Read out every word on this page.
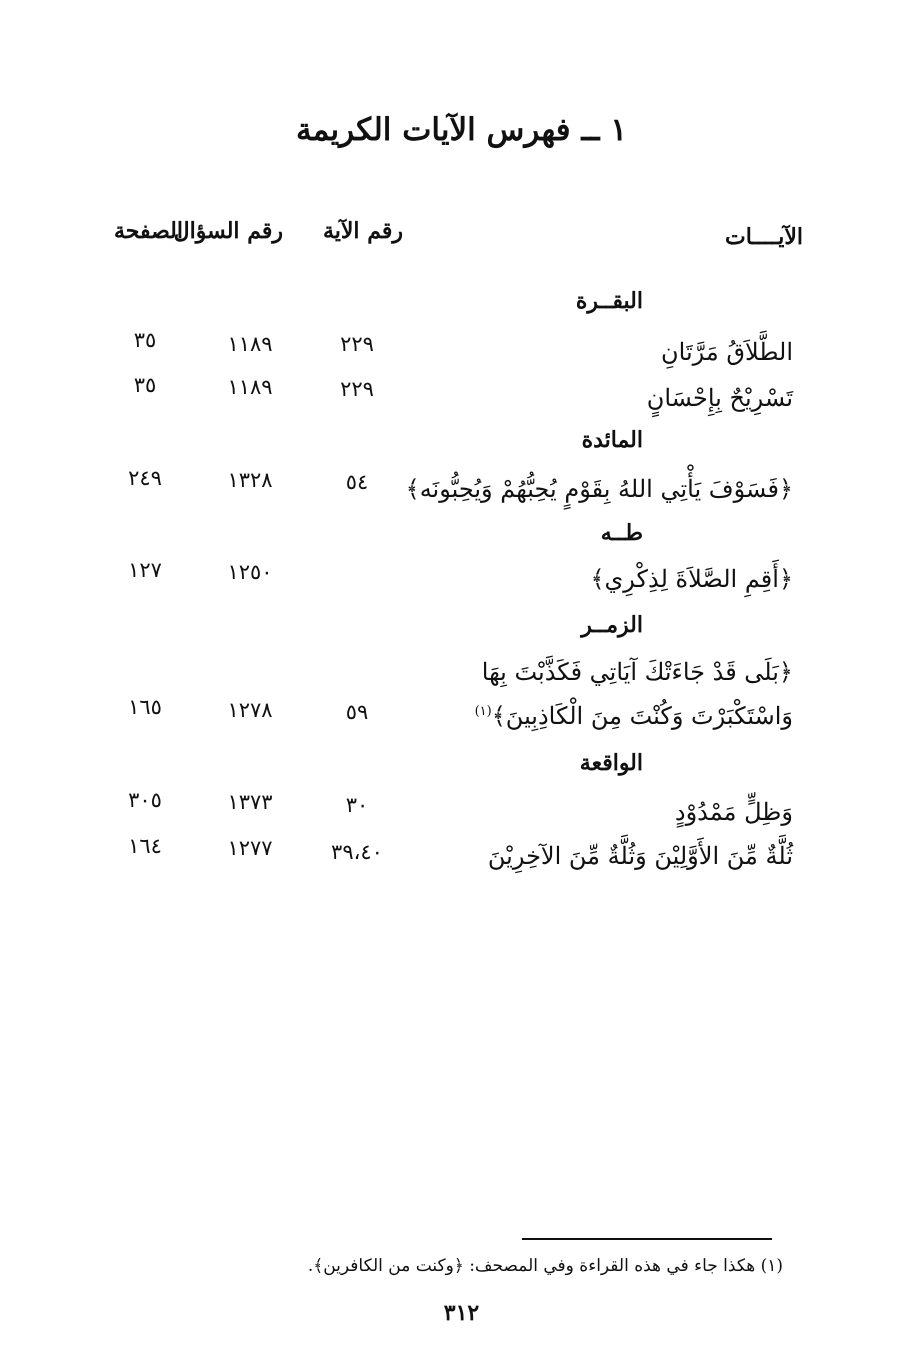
١ ــ فهرس الآيات الكريمة
الآيــــات
رقم الآية
رقم السؤال
الصفحة
البقــرة
الطَّلاَقُ مَرَّتَانِ
٢٢٩
١١٨٩
٣٥
تَسْرِيْحٌ بِإِحْسَانٍ
٢٢٩
١١٨٩
٣٥
المائدة
﴿فَسَوْفَ يَأْتِي اللهُ بِقَوْمٍ يُحِبُّهُمْ وَيُحِبُّونَه﴾
٥٤
١٣٢٨
٢٤٩
طــه
﴿أَقِمِ الصَّلاَةَ لِذِكْرِي﴾
١٢٥٠
١٢٧
الزمــر
﴿بَلَى قَدْ جَاءَتْكَ آيَاتِي فَكَذَّبْتَ بِهَا
وَاسْتَكْبَرْتَ وَكُنْتَ مِنَ الْكَاذِبِينَ﴾$^{(١)}$
٥٩
١٢٧٨
١٦٥
الواقعة
وَظِلٍّ مَمْدُوْدٍ
٣٠
١٣٧٣
٣٠٥
ثُلَّةٌ مِّنَ الأَوَّلِيْنَ وَثُلَّةٌ مِّنَ الآخِرِيْنَ
٣٩،٤٠
١٢٧٧
١٦٤
(١) هكذا جاء في هذه القراءة وفي المصحف: ﴿وكنت من الكافرين﴾.
٣١٢
